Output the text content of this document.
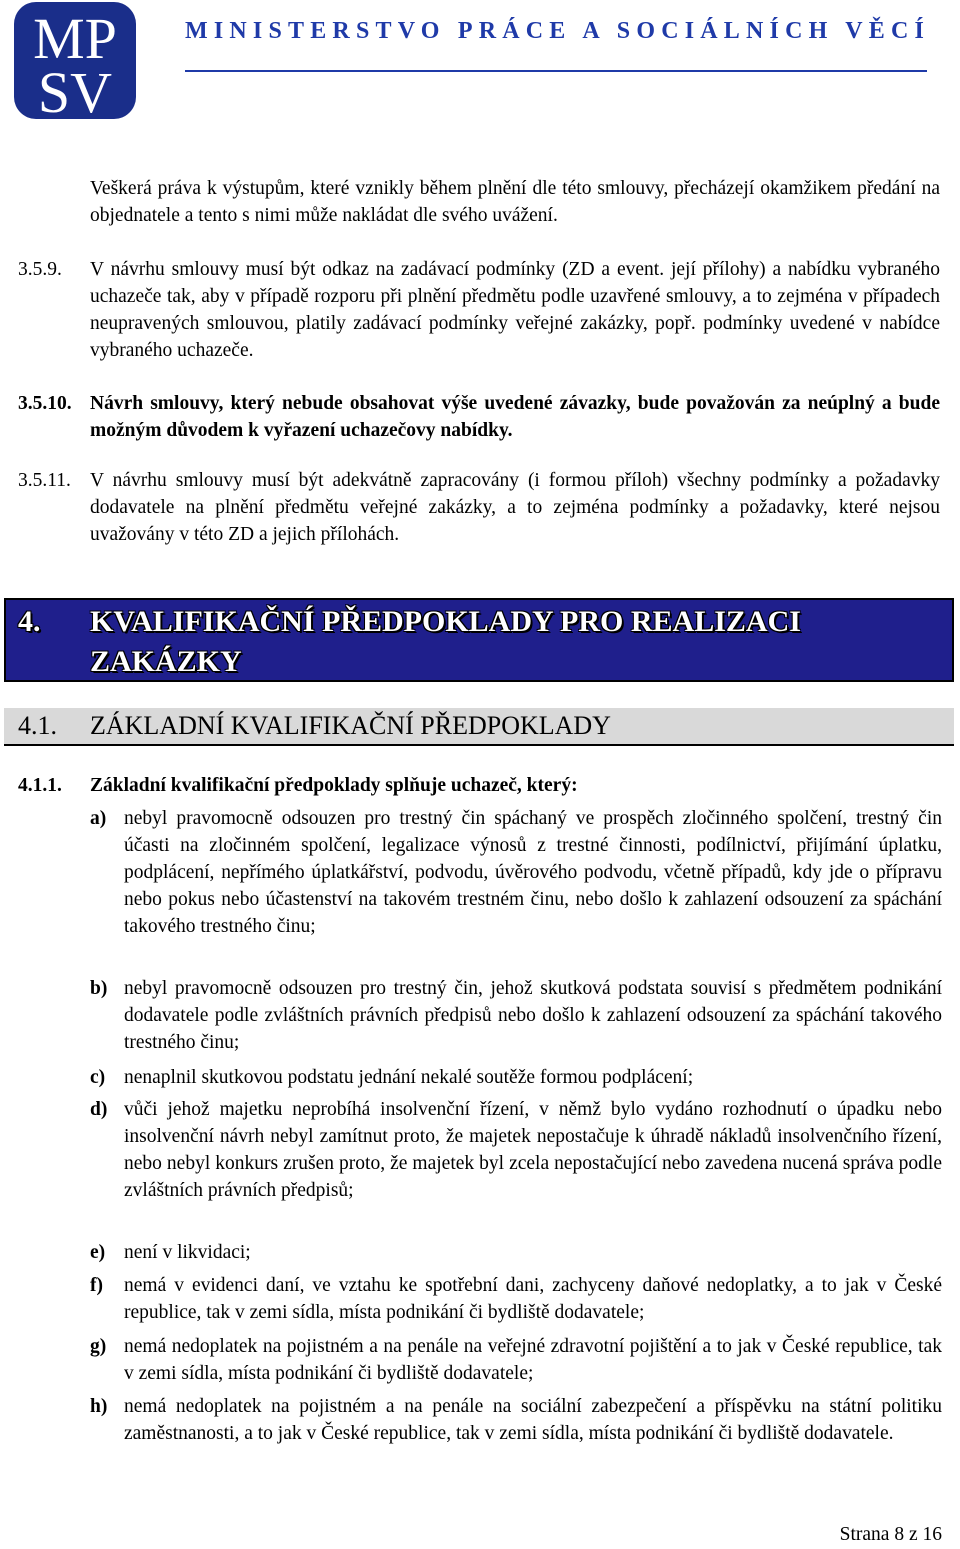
MP
SV
MINISTERSTVO PRÁCE A SOCIÁLNÍCH VĚCÍ
Veškerá práva k výstupům, které vznikly během plnění dle této smlouvy, přecházejí okamžikem předání na objednatele a tento s nimi může nakládat dle svého uvážení.
3.5.9. V návrhu smlouvy musí být odkaz na zadávací podmínky (ZD a event. její přílohy) a nabídku vybraného uchazeče tak, aby v případě rozporu při plnění předmětu podle uzavřené smlouvy, a to zejména v případech neupravených smlouvou, platily zadávací podmínky veřejné zakázky, popř. podmínky uvedené v nabídce vybraného uchazeče.
3.5.10. Návrh smlouvy, který nebude obsahovat výše uvedené závazky, bude považován za neúplný a bude možným důvodem k vyřazení uchazečovy nabídky.
3.5.11. V návrhu smlouvy musí být adekvátně zapracovány (i formou příloh) všechny podmínky a požadavky dodavatele na plnění předmětu veřejné zakázky, a to zejména podmínky a požadavky, které nejsou uvažovány v této ZD a jejich přílohách.
4. KVALIFIKAČNÍ PŘEDPOKLADY PRO REALIZACI ZAKÁZKY
4.1. ZÁKLADNÍ KVALIFIKAČNÍ PŘEDPOKLADY
4.1.1. Základní kvalifikační předpoklady splňuje uchazeč, který:
a) nebyl pravomocně odsouzen pro trestný čin spáchaný ve prospěch zločinného spolčení, trestný čin účasti na zločinném spolčení, legalizace výnosů z trestné činnosti, podílnictví, přijímání úplatku, podplácení, nepřímého úplatkářství, podvodu, úvěrového podvodu, včetně případů, kdy jde o přípravu nebo pokus nebo účastenství na takovém trestném činu, nebo došlo k zahlazení odsouzení za spáchání takového trestného činu;
b) nebyl pravomocně odsouzen pro trestný čin, jehož skutková podstata souvisí s předmětem podnikání dodavatele podle zvláštních právních předpisů nebo došlo k zahlazení odsouzení za spáchání takového trestného činu;
c) nenaplnil skutkovou podstatu jednání nekalé soutěže formou podplácení;
d) vůči jehož majetku neprobíhá insolvenční řízení, v němž bylo vydáno rozhodnutí o úpadku nebo insolvenční návrh nebyl zamítnut proto, že majetek nepostačuje k úhradě nákladů insolvenčního řízení, nebo nebyl konkurs zrušen proto, že majetek byl zcela nepostačující nebo zavedena nucená správa podle zvláštních právních předpisů;
e) není v likvidaci;
f) nemá v evidenci daní, ve vztahu ke spotřební dani, zachyceny daňové nedoplatky, a to jak v České republice, tak v zemi sídla, místa podnikání či bydliště dodavatele;
g) nemá nedoplatek na pojistném a na penále na veřejné zdravotní pojištění a to jak v České republice, tak v zemi sídla, místa podnikání či bydliště dodavatele;
h) nemá nedoplatek na pojistném a na penále na sociální zabezpečení a příspěvku na státní politiku zaměstnanosti, a to jak v České republice, tak v zemi sídla, místa podnikání či bydliště dodavatele.
Strana 8 z 16
